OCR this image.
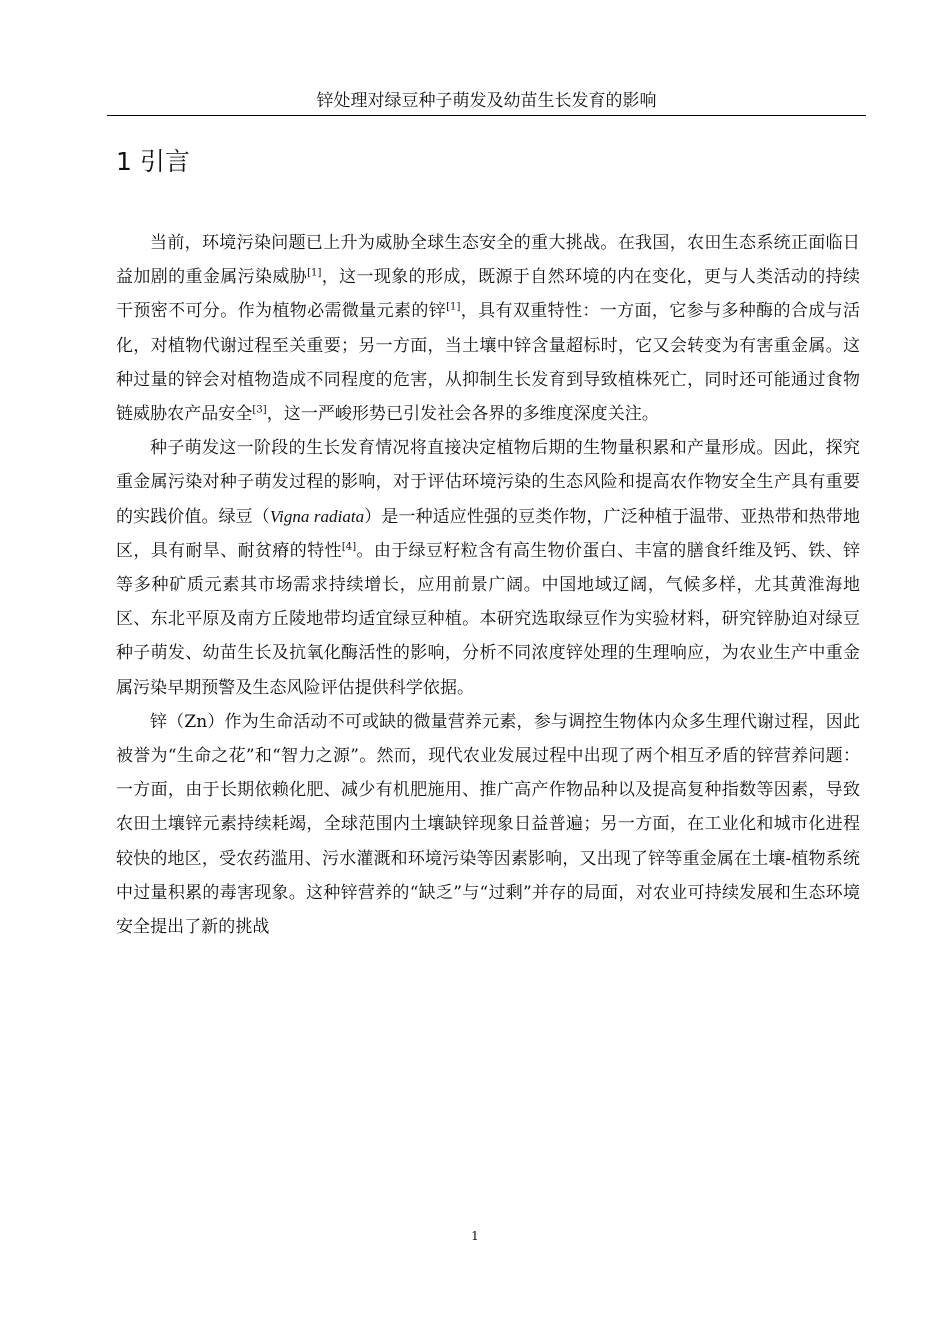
锌处理对绿豆种子萌发及幼苗生长发育的影响
1 引言

当前，环境污染问题已上升为威胁全球生态安全的重大挑战。在我国，农田生态系统正面临日益加剧的重金属污染威胁[1]，这一现象的形成，既源于自然环境的内在变化，更与人类活动的持续干预密不可分。作为植物必需微量元素的锌[1]，具有双重特性：一方面，它参与多种酶的合成与活化，对植物代谢过程至关重要；另一方面，当土壤中锌含量超标时，它又会转变为有害重金属。这种过量的锌会对植物造成不同程度的危害，从抑制生长发育到导致植株死亡，同时还可能通过食物链威胁农产品安全[3]，这一严峻形势已引发社会各界的多维度深度关注。

种子萌发这一阶段的生长发育情况将直接决定植物后期的生物量积累和产量形成。因此，探究重金属污染对种子萌发过程的影响，对于评估环境污染的生态风险和提高农作物安全生产具有重要的实践价值。绿豆（Vigna radiata）是一种适应性强的豆类作物，广泛种植于温带、亚热带和热带地区，具有耐旱、耐贫瘠的特性[4]。由于绿豆籽粒含有高生物价蛋白、丰富的膳食纤维及钙、铁、锌等多种矿质元素其市场需求持续增长，应用前景广阔。中国地域辽阔，气候多样，尤其黄淮海地区、东北平原及南方丘陵地带均适宜绿豆种植。本研究选取绿豆作为实验材料，研究锌胁迫对绿豆种子萌发、幼苗生长及抗氧化酶活性的影响，分析不同浓度锌处理的生理响应，为农业生产中重金属污染早期预警及生态风险评估提供科学依据。

锌（Zn）作为生命活动不可或缺的微量营养元素，参与调控生物体内众多生理代谢过程，因此被誉为“生命之花”和“智力之源”。然而，现代农业发展过程中出现了两个相互矛盾的锌营养问题：一方面，由于长期依赖化肥、减少有机肥施用、推广高产作物品种以及提高复种指数等因素，导致农田土壤锌元素持续耗竭，全球范围内土壤缺锌现象日益普遍；另一方面，在工业化和城市化进程较快的地区，受农药滥用、污水灌溉和环境污染等因素影响，又出现了锌等重金属在土壤-植物系统中过量积累的毒害现象。这种锌营养的“缺乏”与“过剩”并存的局面，对农业可持续发展和生态环境安全提出了新的挑战

1
